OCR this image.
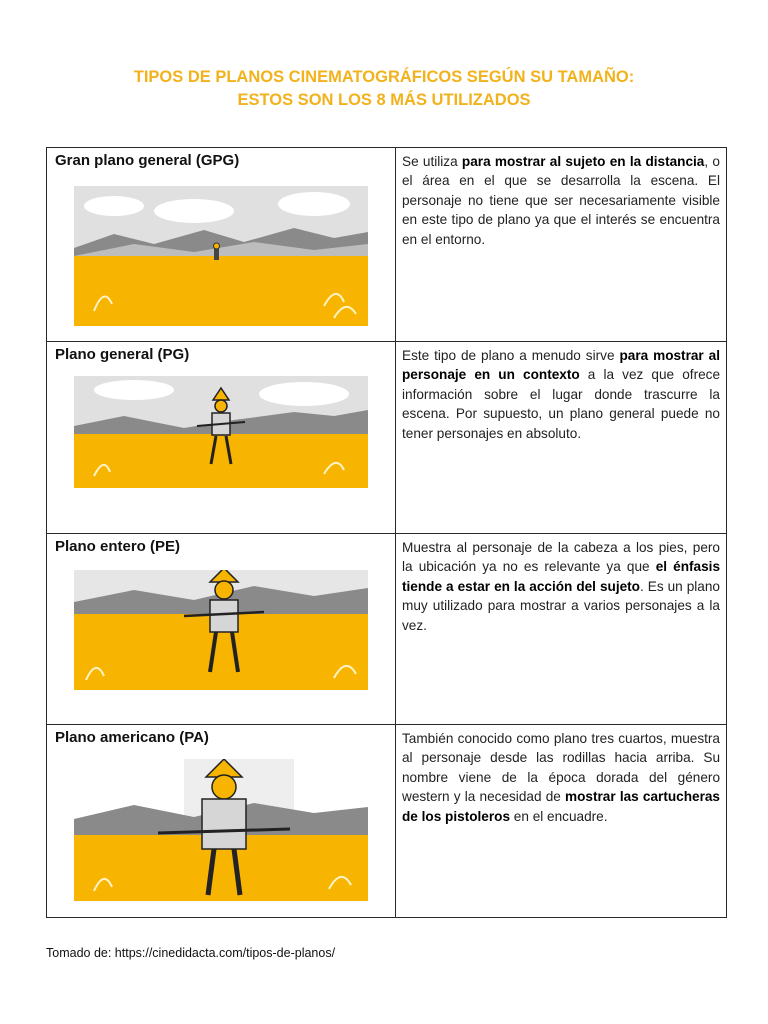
TIPOS DE PLANOS CINEMATOGRÁFICOS SEGÚN SU TAMAÑO:
ESTOS SON LOS 8 MÁS UTILIZADOS
Gran plano general (GPG)	Se utiliza para mostrar al sujeto en la distancia, o el área en el que se desarrolla la escena. El personaje no tiene que ser necesariamente visible en este tipo de plano ya que el interés se encuentra en el entorno.

Plano general (PG)	Este tipo de plano a menudo sirve para mostrar al personaje en un contexto a la vez que ofrece información sobre el lugar donde trascurre la escena. Por supuesto, un plano general puede no tener personajes en absoluto.

Plano entero (PE)	Muestra al personaje de la cabeza a los pies, pero la ubicación ya no es relevante ya que el énfasis tiende a estar en la acción del sujeto. Es un plano muy utilizado para mostrar a varios personajes a la vez.

Plano americano (PA)	También conocido como plano tres cuartos, muestra al personaje desde las rodillas hacia arriba. Su nombre viene de la época dorada del género western y la necesidad de mostrar las cartucheras de los pistoleros en el encuadre.
Tomado de: https://cinedidacta.com/tipos-de-planos/
